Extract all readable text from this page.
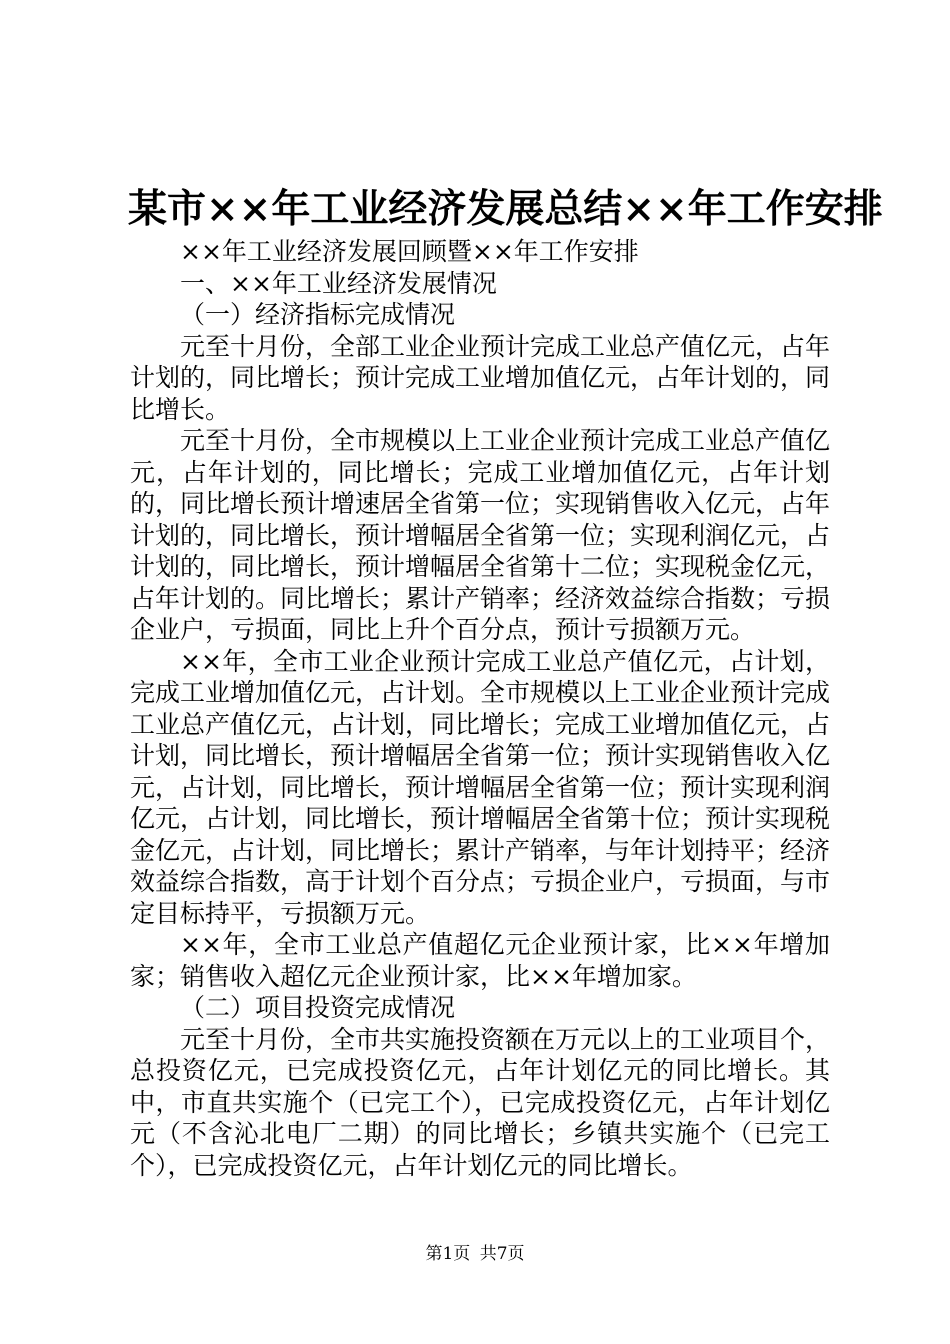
某市××年工业经济发展总结××年工作安排

××年工业经济发展回顾暨××年工作安排

一、××年工业经济发展情况

（一）经济指标完成情况

元至十月份，全部工业企业预计完成工业总产值亿元，占年计划的，同比增长；预计完成工业增加值亿元，占年计划的，同比增长。

元至十月份，全市规模以上工业企业预计完成工业总产值亿元，占年计划的，同比增长；完成工业增加值亿元，占年计划的，同比增长预计增速居全省第一位；实现销售收入亿元，占年计划的，同比增长，预计增幅居全省第一位；实现利润亿元，占计划的，同比增长，预计增幅居全省第十二位；实现税金亿元，占年计划的。同比增长；累计产销率；经济效益综合指数；亏损企业户，亏损面，同比上升个百分点，预计亏损额万元。

××年，全市工业企业预计完成工业总产值亿元，占计划，完成工业增加值亿元，占计划。全市规模以上工业企业预计完成工业总产值亿元，占计划，同比增长；完成工业增加值亿元，占计划，同比增长，预计增幅居全省第一位；预计实现销售收入亿元，占计划，同比增长，预计增幅居全省第一位；预计实现利润亿元，占计划，同比增长，预计增幅居全省第十位；预计实现税金亿元，占计划，同比增长；累计产销率，与年计划持平；经济效益综合指数，高于计划个百分点；亏损企业户，亏损面，与市定目标持平，亏损额万元。

××年，全市工业总产值超亿元企业预计家，比××年增加家；销售收入超亿元企业预计家，比××年增加家。

（二）项目投资完成情况

元至十月份，全市共实施投资额在万元以上的工业项目个，总投资亿元，已完成投资亿元，占年计划亿元的同比增长。其中，市直共实施个（已完工个），已完成投资亿元，占年计划亿元（不含沁北电厂二期）的同比增长；乡镇共实施个（已完工个），已完成投资亿元，占年计划亿元的同比增长。

第1页 共7页
